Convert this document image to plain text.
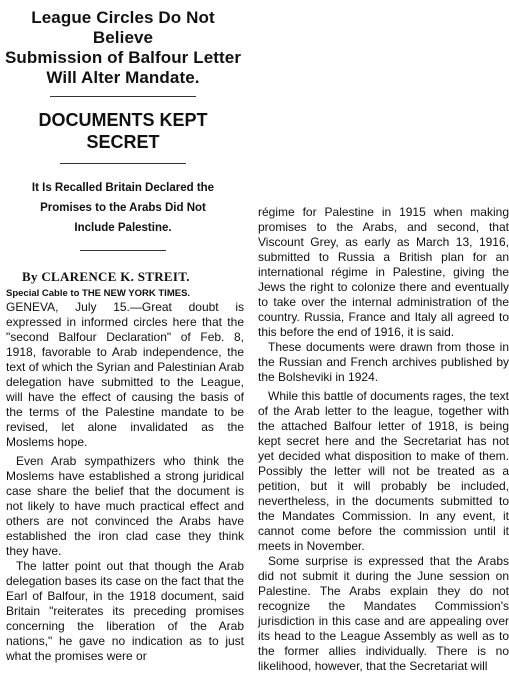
League Circles Do Not Believe
Submission of Balfour Letter
Will Alter Mandate.
DOCUMENTS KEPT SECRET
It Is Recalled Britain Declared the
Promises to the Arabs Did Not
Include Palestine.
By CLARENCE K. STREIT.
Special Cable to THE NEW YORK TIMES.

GENEVA, July 15.—Great doubt is expressed in informed circles here that the "second Balfour Declaration" of Feb. 8, 1918, favorable to Arab independence, the text of which the Syrian and Palestinian Arab delegation have submitted to the League, will have the effect of causing the basis of the terms of the Palestine mandate to be revised, let alone invalidated as the Moslems hope.

Even Arab sympathizers who think the Moslems have established a strong juridical case share the belief that the document is not likely to have much practical effect and others are not convinced the Arabs have established the iron clad case they think they have.

The latter point out that though the Arab delegation bases its case on the fact that the Earl of Balfour, in the 1918 document, said Britain "reiterates its preceding promises concerning the liberation of the Arab nations," he gave no indication as to just what the promises were or

régime for Palestine in 1915 when making promises to the Arabs, and second, that Viscount Grey, as early as March 13, 1916, submitted to Russia a British plan for an international régime in Palestine, giving the Jews the right to colonize there and eventually to take over the internal administration of the country. Russia, France and Italy all agreed to this before the end of 1916, it is said.

These documents were drawn from those in the Russian and French archives published by the Bolsheviki in 1924.

While this battle of documents rages, the text of the Arab letter to the league, together with the attached Balfour letter of 1918, is being kept secret here and the Secretariat has not yet decided what disposition to make of them. Possibly the letter will not be treated as a petition, but it will probably be included, nevertheless, in the documents submitted to the Mandates Commission. In any event, it cannot come before the commission until it meets in November.

Some surprise is expressed that the Arabs did not submit it during the June session on Palestine. The Arabs explain they do not recognize the Mandates Commission's jurisdiction in this case and are appealing over its head to the League Assembly as well as to the former allies individually. There is no likelihood, however, that the Secretariat will
